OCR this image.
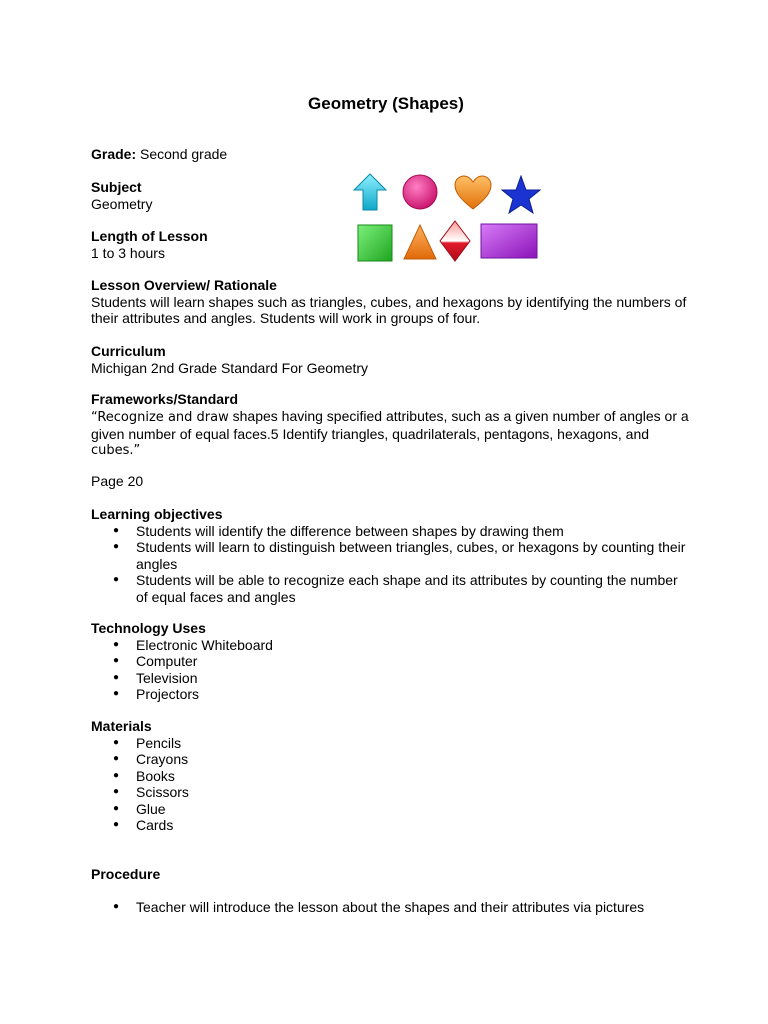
Geometry (Shapes)
Grade: Second grade
Subject
Geometry
Length of Lesson
1 to 3 hours
Lesson Overview/ Rationale
Students will learn shapes such as triangles, cubes, and hexagons by identifying the numbers of
their attributes and angles. Students will work in groups of four.
Curriculum
Michigan 2nd Grade Standard For Geometry
Frameworks/Standard
“Recognize and draw shapes having specified attributes, such as a given number of angles or a
given number of equal faces.5 Identify triangles, quadrilaterals, pentagons, hexagons, and
cubes.”
Page 20
Learning objectives
● Students will identify the difference between shapes by drawing them
● Students will learn to distinguish between triangles, cubes, or hexagons by counting their
angles
● Students will be able to recognize each shape and its attributes by counting the number
of equal faces and angles
Technology Uses
● Electronic Whiteboard
● Computer
● Television
● Projectors
Materials
● Pencils
● Crayons
● Books
● Scissors
● Glue
● Cards
Procedure
● Teacher will introduce the lesson about the shapes and their attributes via pictures
